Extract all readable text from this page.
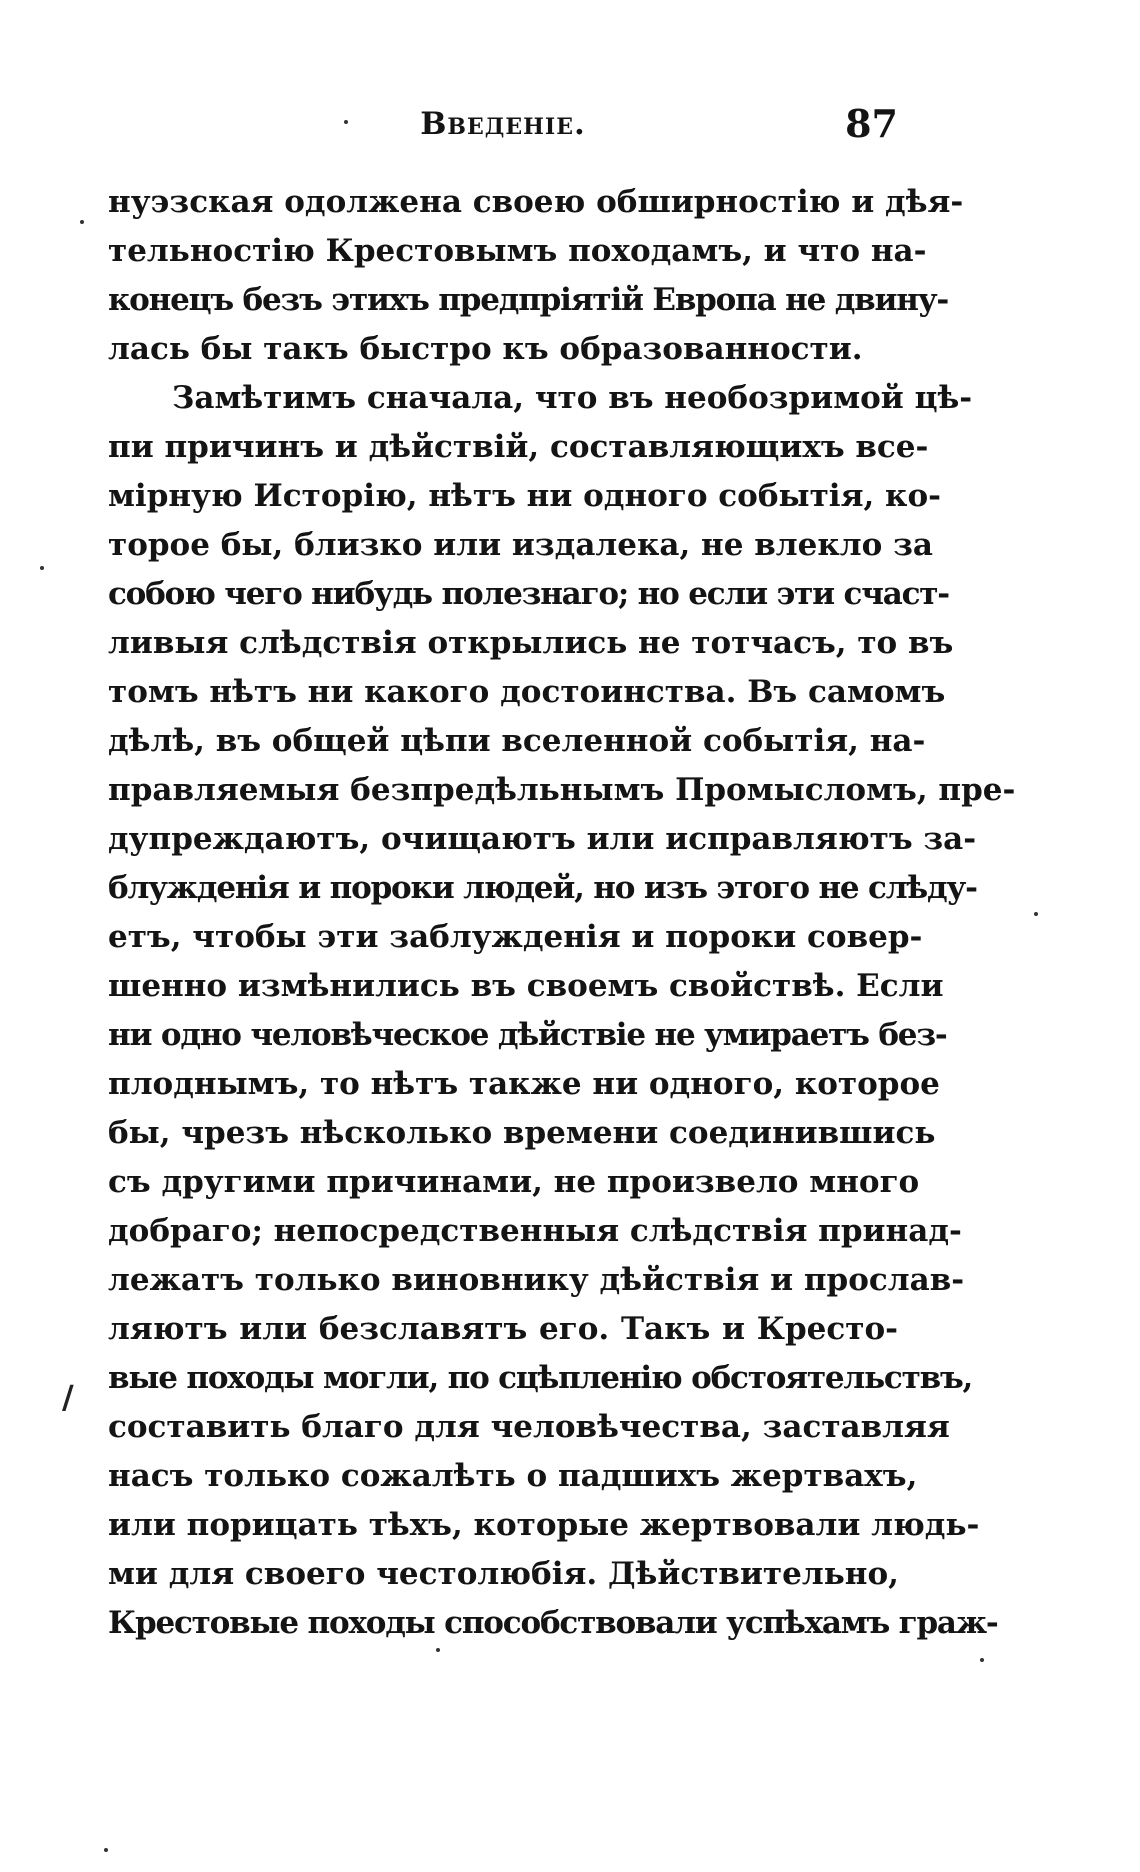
Введеніе.	87
нуэзская одолжена своею обширностію и дѣя-
тельностію Крестовымъ походамъ, и что на-
конецъ безъ этихъ предпріятій Европа не двину-
лась бы такъ быстро къ образованности.
Замѣтимъ сначала, что въ необозримой цѣ-
пи причинъ и дѣйствій, составляющихъ все-
мірную Исторію, нѣтъ ни одного событія, ко-
торое бы, близко или издалека, не влекло за
собою чего нибудь полезнаго; но если эти счаст-
ливыя слѣдствія открылись не тотчасъ, то въ
томъ нѣтъ ни какого достоинства. Въ самомъ
дѣлѣ, въ общей цѣпи вселенной событія, на-
правляемыя безпредѣльнымъ Промысломъ, пре-
дупреждаютъ, очищаютъ или исправляютъ за-
блужденія и пороки людей, но изъ этого не слѣду-
етъ, чтобы эти заблужденія и пороки совер-
шенно измѣнились въ своемъ свойствѣ. Если
ни одно человѣческое дѣйствіе не умираетъ без-
плоднымъ, то нѣтъ также ни одного, которое
бы, чрезъ нѣсколько времени соединившись
съ другими причинами, не произвело много
добраго; непосредственныя слѣдствія принад-
лежатъ только виновнику дѣйствія и прослав-
ляютъ или безславятъ его. Такъ и Кресто-
вые походы могли, по сцѣпленію обстоятельствъ,
составить благо для человѣчества, заставляя
насъ только сожалѣть о падшихъ жертвахъ,
или порицать тѣхъ, которые жертвовали людь-
ми для своего честолюбія. Дѣйствительно,
Крестовые походы способствовали успѣхамъ граж-
/
